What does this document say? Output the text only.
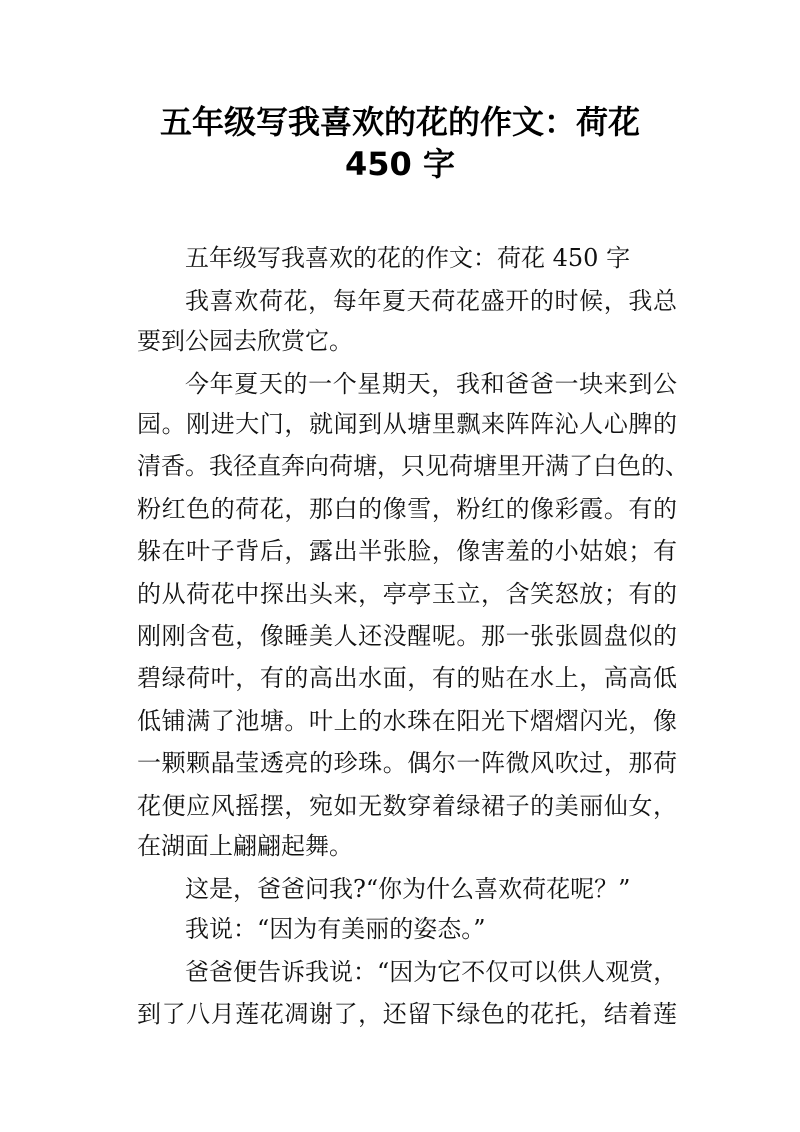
五年级写我喜欢的花的作文：荷花
450 字
五年级写我喜欢的花的作文：荷花 450 字
我喜欢荷花，每年夏天荷花盛开的时候，我总
要到公园去欣赏它。
今年夏天的一个星期天，我和爸爸一块来到公
园。刚进大门，就闻到从塘里飘来阵阵沁人心脾的
清香。我径直奔向荷塘，只见荷塘里开满了白色的、
粉红色的荷花，那白的像雪，粉红的像彩霞。有的
躲在叶子背后，露出半张脸，像害羞的小姑娘；有
的从荷花中探出头来，亭亭玉立，含笑怒放；有的
刚刚含苞，像睡美人还没醒呢。那一张张圆盘似的
碧绿荷叶，有的高出水面，有的贴在水上，高高低
低铺满了池塘。叶上的水珠在阳光下熠熠闪光，像
一颗颗晶莹透亮的珍珠。偶尔一阵微风吹过，那荷
花便应风摇摆，宛如无数穿着绿裙子的美丽仙女，
在湖面上翩翩起舞。
这是，爸爸问我?“你为什么喜欢荷花呢？”
我说：“因为有美丽的姿态。”
爸爸便告诉我说：“因为它不仅可以供人观赏，
到了八月莲花凋谢了，还留下绿色的花托，结着莲
